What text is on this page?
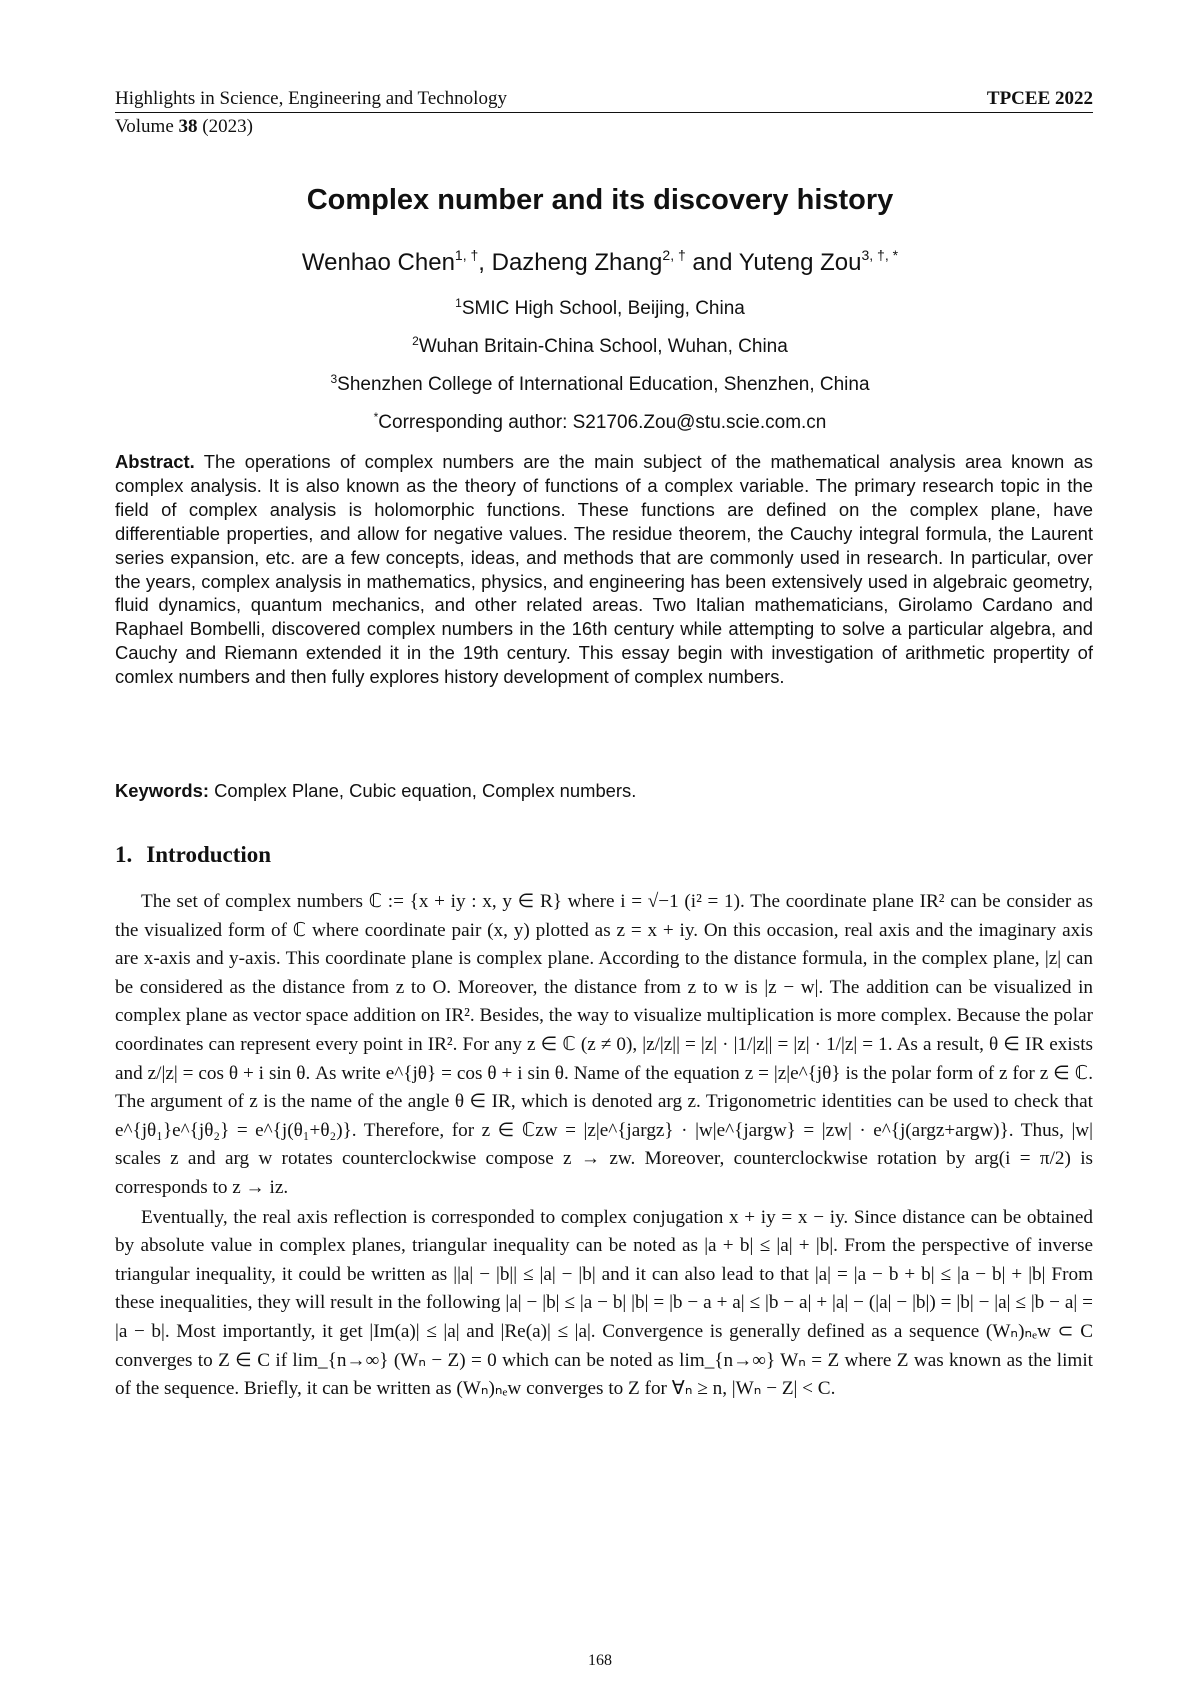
Highlights in Science, Engineering and Technology	TPCEE 2022
Volume 38 (2023)
Complex number and its discovery history
Wenhao Chen$^{1, \dagger}$, Dazheng Zhang$^{2, \dagger}$ and Yuteng Zou$^{3, \dagger, *}$
$^1$SMIC High School, Beijing, China
$^2$Wuhan Britain-China School, Wuhan, China
$^3$Shenzhen College of International Education, Shenzhen, China
*Corresponding author: S21706.Zou@stu.scie.com.cn
Abstract. The operations of complex numbers are the main subject of the mathematical analysis area known as complex analysis. It is also known as the theory of functions of a complex variable. The primary research topic in the field of complex analysis is holomorphic functions. These functions are defined on the complex plane, have differentiable properties, and allow for negative values. The residue theorem, the Cauchy integral formula, the Laurent series expansion, etc. are a few concepts, ideas, and methods that are commonly used in research. In particular, over the years, complex analysis in mathematics, physics, and engineering has been extensively used in algebraic geometry, fluid dynamics, quantum mechanics, and other related areas. Two Italian mathematicians, Girolamo Cardano and Raphael Bombelli, discovered complex numbers in the 16th century while attempting to solve a particular algebra, and Cauchy and Riemann extended it in the 19th century. This essay begin with investigation of arithmetic propertity of comlex numbers and then fully explores history development of complex numbers.
Keywords: Complex Plane, Cubic equation, Complex numbers.
1. Introduction

The set of complex numbers ℂ := {x + iy : x, y ∈ R} where i = √−1 (i² = 1). The coordinate plane IR² can be consider as the visualized form of ℂ where coordinate pair (x, y) plotted as z = x + iy. On this occasion, real axis and the imaginary axis are x-axis and y-axis. This coordinate plane is complex plane. According to the distance formula, in the complex plane, |z| can be considered as the distance from z to O. Moreover, the distance from z to w is |z − w|. The addition can be visualized in complex plane as vector space addition on IR². Besides, the way to visualize multiplication is more complex. Because the polar coordinates can represent every point in IR². For any z ∈ ℂ (z ≠ 0), |z/|z|| = |z| · |1/|z|| = |z| · 1/|z| = 1. As a result, θ ∈ IR exists and z/|z| = cos θ + i sin θ. As write e^{jθ} = cos θ + i sin θ. Name of the equation z = |z|e^{jθ} is the polar form of z for z ∈ ℂ. The argument of z is the name of the angle θ ∈ IR, which is denoted arg z. Trigonometric identities can be used to check that e^{jθ₁}e^{jθ₂} = e^{j(θ₁+θ₂)}. Therefore, for z ∈ ℂzw = |z|e^{jargz} · |w|e^{jargw} = |zw| · e^{j(argz+argw)}. Thus, |w| scales z and arg w rotates counterclockwise compose z → zw. Moreover, counterclockwise rotation by arg(i = π/2) is corresponds to z → iz.

Eventually, the real axis reflection is corresponded to complex conjugation x + iy = x − iy. Since distance can be obtained by absolute value in complex planes, triangular inequality can be noted as |a + b| ≤ |a| + |b|. From the perspective of inverse triangular inequality, it could be written as ||a| − |b|| ≤ |a| − |b| and it can also lead to that |a| = |a − b + b| ≤ |a − b| + |b| From these inequalities, they will result in the following |a| − |b| ≤ |a − b| |b| = |b − a + a| ≤ |b − a| + |a| − (|a| − |b|) = |b| − |a| ≤ |b − a| = |a − b|. Most importantly, it get |Im(a)| ≤ |a| and |Re(a)| ≤ |a|. Convergence is generally defined as a sequence (Wₙ)ₙₑw ⊂ C converges to Z ∈ C if lim_{n→∞} (Wₙ − Z) = 0 which can be noted as lim_{n→∞} Wₙ = Z where Z was known as the limit of the sequence. Briefly, it can be written as (Wₙ)ₙₑw converges to Z for ∀ₙ ≥ n, |Wₙ − Z| < C.

168
